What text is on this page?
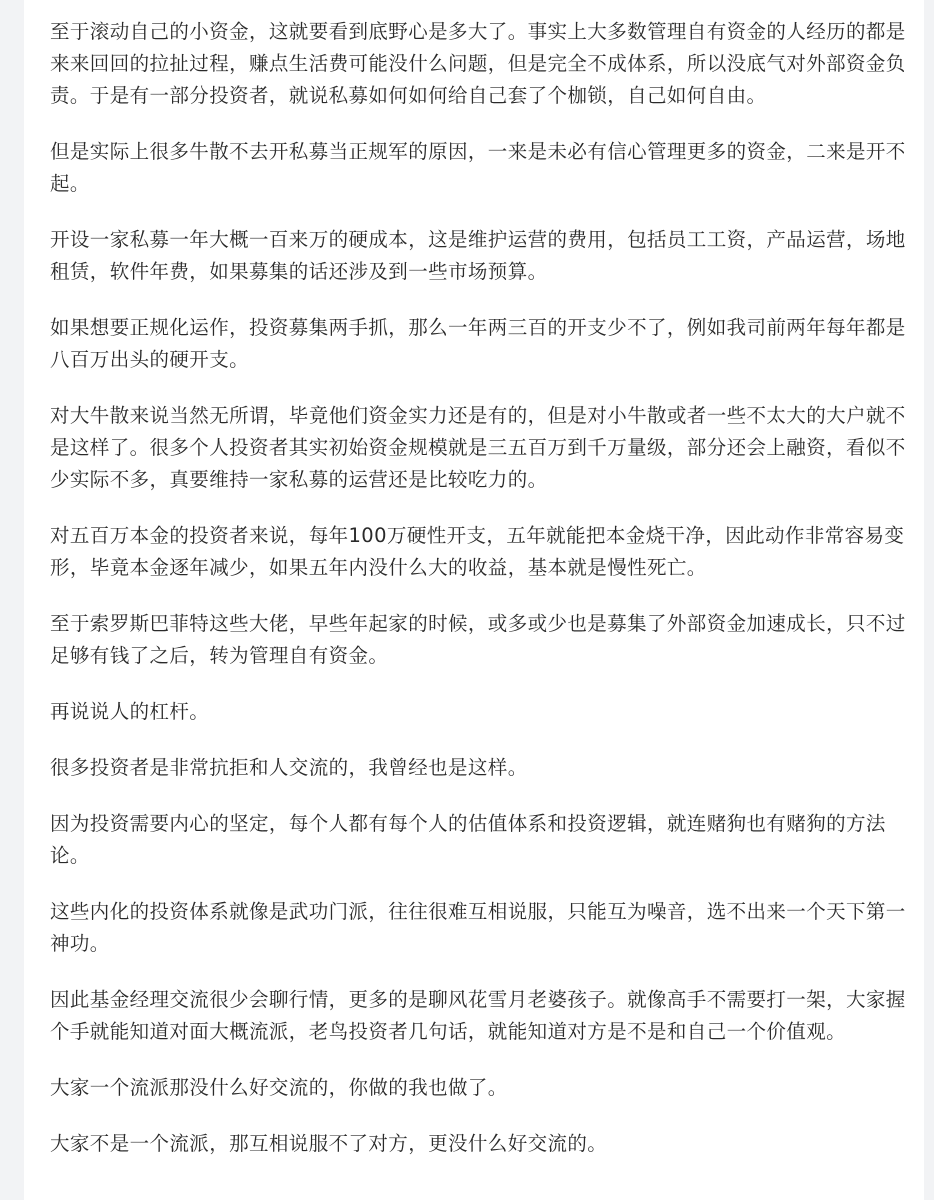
至于滚动自己的小资金，这就要看到底野心是多大了。事实上大多数管理自有资金的人经历的都是来来回回的拉扯过程，赚点生活费可能没什么问题，但是完全不成体系，所以没底气对外部资金负责。于是有一部分投资者，就说私募如何如何给自己套了个枷锁，自己如何自由。

但是实际上很多牛散不去开私募当正规军的原因，一来是未必有信心管理更多的资金，二来是开不起。

开设一家私募一年大概一百来万的硬成本，这是维护运营的费用，包括员工工资，产品运营，场地租赁，软件年费，如果募集的话还涉及到一些市场预算。

如果想要正规化运作，投资募集两手抓，那么一年两三百的开支少不了，例如我司前两年每年都是八百万出头的硬开支。

对大牛散来说当然无所谓，毕竟他们资金实力还是有的，但是对小牛散或者一些不太大的大户就不是这样了。很多个人投资者其实初始资金规模就是三五百万到千万量级，部分还会上融资，看似不少实际不多，真要维持一家私募的运营还是比较吃力的。

对五百万本金的投资者来说，每年100万硬性开支，五年就能把本金烧干净，因此动作非常容易变形，毕竟本金逐年减少，如果五年内没什么大的收益，基本就是慢性死亡。

至于索罗斯巴菲特这些大佬，早些年起家的时候，或多或少也是募集了外部资金加速成长，只不过足够有钱了之后，转为管理自有资金。

再说说人的杠杆。

很多投资者是非常抗拒和人交流的，我曾经也是这样。

因为投资需要内心的坚定，每个人都有每个人的估值体系和投资逻辑，就连赌狗也有赌狗的方法论。

这些内化的投资体系就像是武功门派，往往很难互相说服，只能互为噪音，选不出来一个天下第一神功。

因此基金经理交流很少会聊行情，更多的是聊风花雪月老婆孩子。就像高手不需要打一架，大家握个手就能知道对面大概流派，老鸟投资者几句话，就能知道对方是不是和自己一个价值观。

大家一个流派那没什么好交流的，你做的我也做了。

大家不是一个流派，那互相说服不了对方，更没什么好交流的。
